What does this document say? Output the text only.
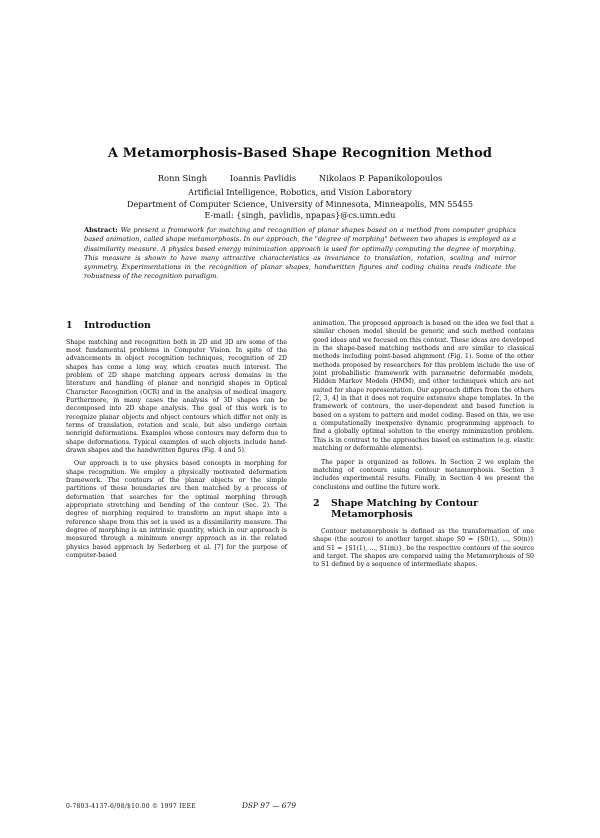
A Metamorphosis-Based Shape Recognition Method
Ronn Singh	Ioannis Pavlidis	Nikolaos P. Papanikolopoulos
Artificial Intelligence, Robotics, and Vision Laboratory
Department of Computer Science, University of Minnesota, Minneapolis, MN 55455
E-mail: {singh, pavlidis, npapas}@cs.umn.edu
Abstract: We present a framework for matching and recognition of planar shapes based on a method from computer graphics based animation, called shape metamorphosis. In our approach, the "degree of morphing" between two shapes is employed as a dissimilarity measure. A physics based energy minimization approach is used for optimally computing the degree of morphing. This measure is shown to have many attractive characteristics as invariance to translation, rotation, scaling and mirror symmetry. Experimentations in the recognition of planar shapes, handwritten figures and coding chains reads indicate the robustness of the recognition paradigm.
1	Introduction

Shape matching and recognition both in 2D and 3D are some of the most fundamental problems in Computer Vision. In spite of the advancements in object recognition techniques, recognition of 2D shapes has come a long way, which creates much interest. The problem of 2D shape matching appears across domains in the literature and handling of planar and nonrigid shapes in Optical Character Recognition (OCR) and in the analysis of medical imagery. Furthermore, in many cases the analysis of 3D shapes can be decomposed into 2D shape analysis. The goal of this work is to recognize planar objects and object contours which differ not only in terms of translation, rotation and scale, but also undergo certain nonrigid deformations. Examples whose contours may deform due to shape deformations. Typical examples of such objects include hand-drawn shapes and the handwritten figures (Fig. 4 and 5).

Our approach is to use physics based concepts in morphing for shape recognition. We employ a physically motivated deformation framework. The contours of the planar objects or the simple partitions of these boundaries are then matched by a process of deformation that searches for the optimal morphing through appropriate stretching and bending of the contour (Sec. 2). The degree of morphing required to transform an input shape into a reference shape from this set is used as a dissimilarity measure. The degree of morphing is an intrinsic quantity, which in our approach is measured through a minimum energy approach as in the related physics based approach by Sederberg et al. [7] for the purpose of computer-based

animation. The proposed approach is based on the idea we feel that a similar chosen model should be generic and such method contains good ideas and we focused on this context. These ideas are developed in the shape-based matching methods and are similar to classical methods including point-based alignment (Fig. 1). Some of the other methods proposed by researchers for this problem include the use of joint probabilistic framework with parametric deformable models, Hidden Markov Models (HMM), and other techniques which are not suited for shape representation. Our approach differs from the others [2, 3, 4] in that it does not require extensive shape templates. In the framework of contours, the user-dependent and based function is based on a system to pattern and model coding. Based on this, we use a computationally inexpensive dynamic programming approach to find a globally optimal solution to the energy minimization problem. This is in contrast to the approaches based on estimation (e.g. elastic matching or deformable elements).

The paper is organized as follows. In Section 2 we explain the matching of contours using contour metamorphosis. Section 3 includes experimental results. Finally, in Section 4 we present the conclusions and outline the future work.

2	Shape Matching by Contour Metamorphosis

Contour metamorphosis is defined as the transformation of one shape (the source) to another target shape S0 = {S0(1), ..., S0(n)} and S1 = {S1(1), ..., S1(m)}, be the respective contours of the source and target. The shapes are compared using the Metamorphosis of S0 to S1 defined by a sequence of intermediate shapes.

0-7803-4137-6/98/$10.00 © 1997 IEEE	DSP 97 — 679
